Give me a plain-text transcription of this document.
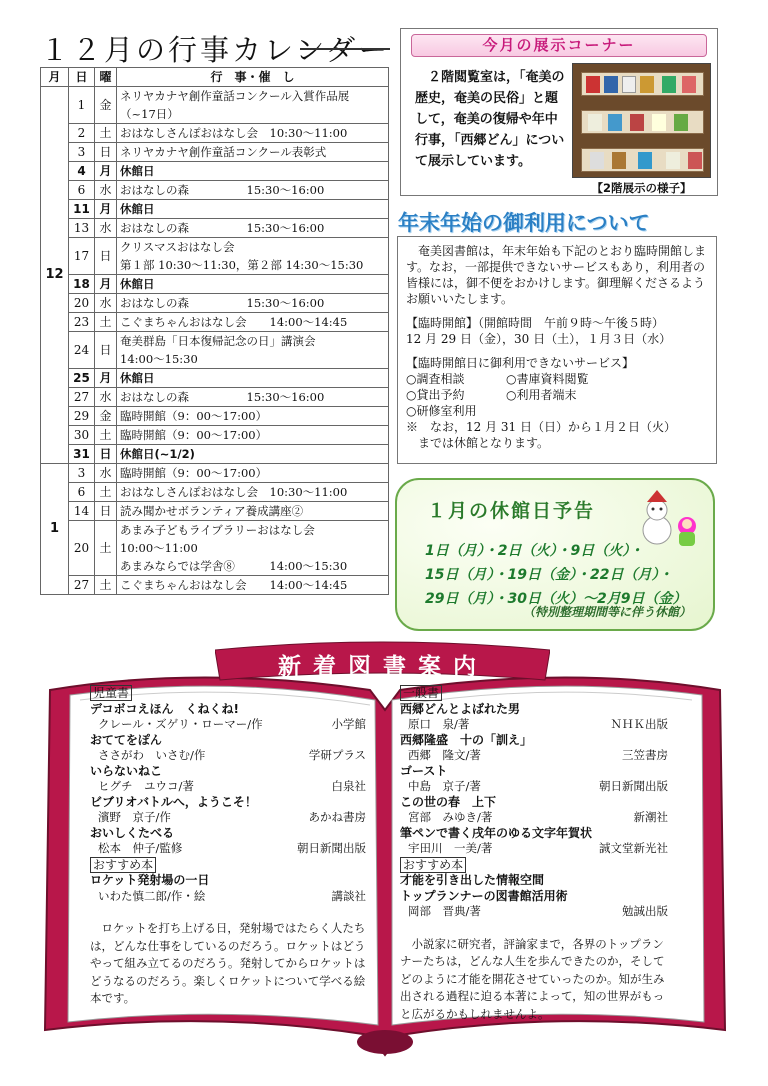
１２月の行事カレンダー
月	日	曜	行　事・催　し
12	1	金	ネリヤカナヤ創作童話コンクール入賞作品展
（~17日）
	2	土	おはなしさんぽおはなし会　10:30～11:00
	3	日	ネリヤカナヤ創作童話コンクール表彰式
	4	月	休館日
	6	水	おはなしの森　　　　　15:30～16:00
	11	月	休館日
	13	水	おはなしの森　　　　　15:30～16:00
	17	日	クリスマスおはなし会
第１部 10:30～11:30，第２部 14:30～15:30
	18	月	休館日
	20	水	おはなしの森　　　　　15:30～16:00
	23	土	こぐまちゃんおはなし会　　14:00～14:45
	24	日	奄美群島「日本復帰記念の日」講演会
14:00～15:30
	25	月	休館日
	27	水	おはなしの森　　　　　15:30～16:00
	29	金	臨時開館（9：00～17:00）
	30	土	臨時開館（9：00～17:00）
	31	日	休館日(~1/2)
1	3	水	臨時開館（9：00～17:00）
	6	土	おはなしさんぽおはなし会　10:30～11:00
	14	日	読み聞かせボランティア養成講座②
	20	土	あまみ子どもライブラリーおはなし会
10:00～11:00
あまみならでは学舎⑧　　　14:00～15:30
	27	土	こぐまちゃんおはなし会　　14:00～14:45
今月の展示コーナー
　２階閲覧室は，「奄美の歴史，奄美の民俗」と題して，奄美の復帰や年中行事，「西郷どん」について展示しています。
【2階展示の様子】
年末年始の御利用について

　奄美図書館は，年末年始も下記のとおり臨時開館します。なお，一部提供できないサービスもあり，利用者の皆様には，御不便をおかけします。御理解くださるようお願いいたします。

【臨時開館】（開館時間　午前９時～午後５時）

12 月 29 日（金），30 日（土），１月３日（水）

【臨時開館日に御利用できないサービス】

○調査相談	○書庫資料閲覧
○貸出予約	○利用者端末
○研修室利用

※　なお，12 月 31 日（日）から１月２日（火）
　までは休館となります。

１月の休館日予告
1日（月）・2日（火）・9日（火）・
15日（月）・19日（金）・22日（月）・
29日（月）・30日（火）～2月9日（金）
（特別整理期間等に伴う休館）
新着図書案内
児童書
デコボコえほん　くねくね!
クレール・ズゲリ・ローマー/作	小学館
おててをぽん
ささがわ　いさむ/作	学研プラス
いらないねこ
ヒグチ　ユウコ/著	白泉社
ビブリオバトルへ，ようこそ！
濱野　京子/作	あかね書房
おいしくたべる
松本　仲子/監修	朝日新聞出版
おすすめ本
ロケット発射場の一日
いわた慎二郎/作・絵	講談社
　ロケットを打ち上げる日，発射場ではたらく人たちは，どんな仕事をしているのだろう。ロケットはどうやって組み立てるのだろう。発射してからロケットはどうなるのだろう。楽しくロケットについて学べる絵本です。
一般書
西郷どんとよばれた男
原口　泉/著	ＮＨＫ出版
西郷隆盛　十の「訓え」
西郷　隆文/著	三笠書房
ゴースト
中島　京子/著	朝日新聞出版
この世の春　上下
宮部　みゆき/著	新潮社
筆ペンで書く戌年のゆる文字年賀状
宇田川　一美/著	誠文堂新光社
おすすめ本
才能を引き出した情報空間
トップランナーの図書館活用術
岡部　晋典/著	勉誠出版
　小説家に研究者，評論家まで，各界のトップランナーたちは，どんな人生を歩んできたのか，そしてどのように才能を開花させていったのか。知が生み出される過程に迫る本著によって，知の世界がもっと広がるかもしれませんよ。
